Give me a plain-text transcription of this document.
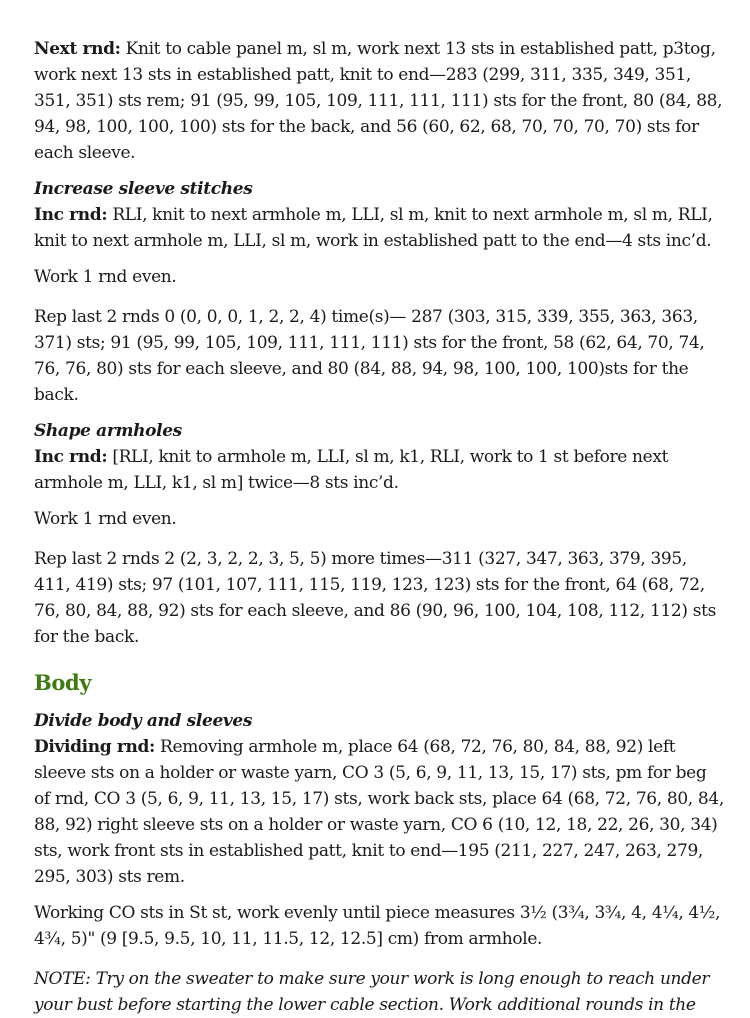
Next rnd: Knit to cable panel m, sl m, work next 13 sts in established patt, p3tog, work next 13 sts in established patt, knit to end—283 (299, 311, 335, 349, 351, 351, 351) sts rem; 91 (95, 99, 105, 109, 111, 111, 111) sts for the front, 80 (84, 88, 94, 98, 100, 100, 100) sts for the back, and 56 (60, 62, 68, 70, 70, 70, 70) sts for each sleeve.

Increase sleeve stitches

Inc rnd: RLI, knit to next armhole m, LLI, sl m, knit to next armhole m, sl m, RLI, knit to next armhole m, LLI, sl m, work in established patt to the end—4 sts inc’d.

Work 1 rnd even.

Rep last 2 rnds 0 (0, 0, 0, 1, 2, 2, 4) time(s)— 287 (303, 315, 339, 355, 363, 363, 371) sts; 91 (95, 99, 105, 109, 111, 111, 111) sts for the front, 58 (62, 64, 70, 74, 76, 76, 80) sts for each sleeve, and 80 (84, 88, 94, 98, 100, 100, 100)sts for the back.

Shape armholes

Inc rnd: [RLI, knit to armhole m, LLI, sl m, k1, RLI, work to 1 st before next armhole m, LLI, k1, sl m] twice—8 sts inc’d.

Work 1 rnd even.

Rep last 2 rnds 2 (2, 3, 2, 2, 3, 5, 5) more times—311 (327, 347, 363, 379, 395, 411, 419) sts; 97 (101, 107, 111, 115, 119, 123, 123) sts for the front, 64 (68, 72, 76, 80, 84, 88, 92) sts for each sleeve, and 86 (90, 96, 100, 104, 108, 112, 112) sts for the back.

Body

Divide body and sleeves

Dividing rnd: Removing armhole m, place 64 (68, 72, 76, 80, 84, 88, 92) left sleeve sts on a holder or waste yarn, CO 3 (5, 6, 9, 11, 13, 15, 17) sts, pm for beg of rnd, CO 3 (5, 6, 9, 11, 13, 15, 17) sts, work back sts, place 64 (68, 72, 76, 80, 84, 88, 92) right sleeve sts on a holder or waste yarn, CO 6 (10, 12, 18, 22, 26, 30, 34) sts, work front sts in established patt, knit to end—195 (211, 227, 247, 263, 279, 295, 303) sts rem.

Working CO sts in St st, work evenly until piece measures 3½ (3¾, 3¾, 4, 4¼, 4½, 4¾, 5)" (9 [9.5, 9.5, 10, 11, 11.5, 12, 12.5] cm) from armhole.

NOTE: Try on the sweater to make sure your work is long enough to reach under your bust before starting the lower cable section. Work additional rounds in the
